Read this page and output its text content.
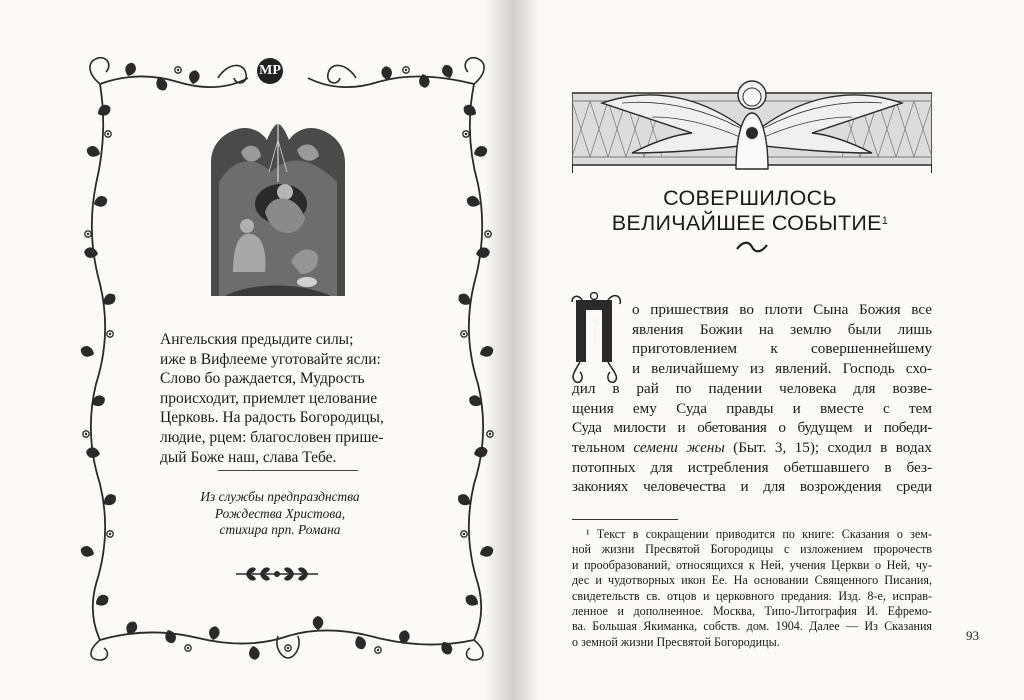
МР
Ангельския предыдите силы;
иже в Вифлееме уготовайте ясли:
Слово бо раждается, Мудрость
происходит, приемлет целование
Церковь. На радость Богородицы,
людие, рцем: благословен прише-
дый Боже наш, слава Тебе.
Из службы предпразднства
Рождества Христова,
стихира прп. Романа
СОВЕРШИЛОСЬ
ВЕЛИЧАЙШЕЕ СОБЫТИЕ$^1$
о пришествия во плоти Сына Божия все
явления Божии на землю были лишь
приготовлением к совершеннейшему
и величайшему из явлений. Господь схо-
дил в рай по падении человека для возве-
щения ему Суда правды и вместе с тем
Суда милости и обетования о будущем и победи-
тельном семени жены (Быт. 3, 15); сходил в водах
потопных для истребления обетшавшего в без-
закониях человечества и для возрождения среди
¹ Текст в сокращении приводится по книге: Сказания о зем-
ной жизни Пресвятой Богородицы с изложением пророчеств
и прообразований, относящихся к Ней, учения Церкви о Ней, чу-
дес и чудотворных икон Ее. На основании Священного Писания,
свидетельств св. отцов и церковного предания. Изд. 8-е, исправ-
ленное и дополненное. Москва, Типо-Литография И. Ефремо-
ва. Большая Якиманка, собств. дом. 1904. Далее — Из Сказания
о земной жизни Пресвятой Богородицы.	93
